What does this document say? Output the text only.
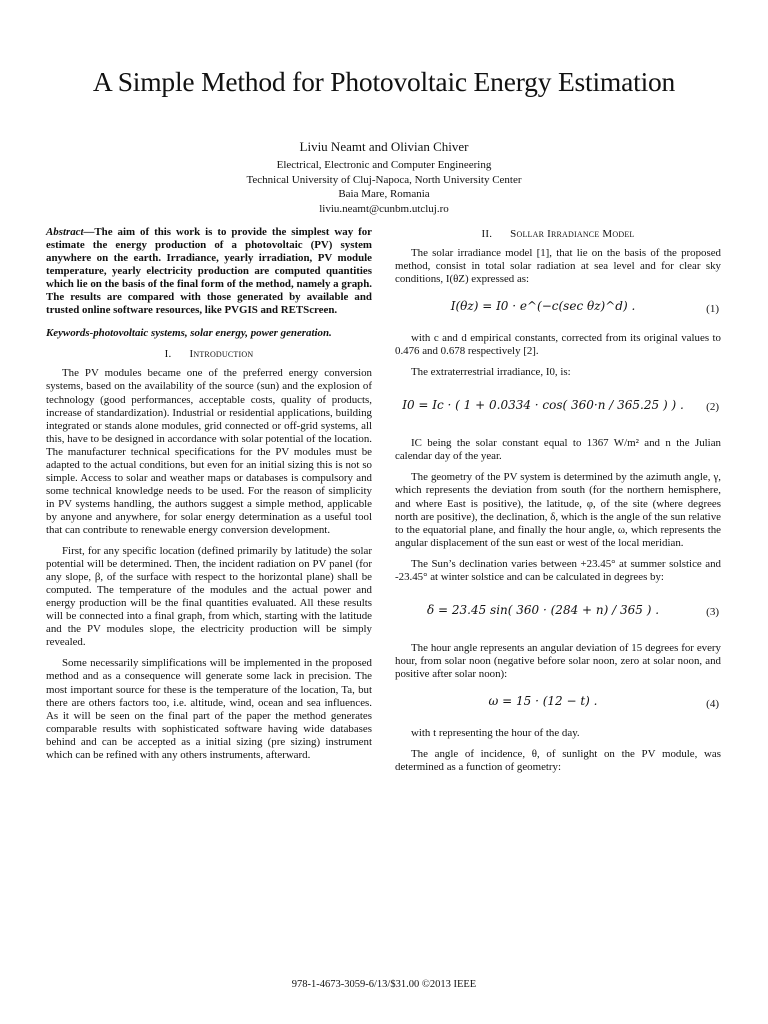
A Simple Method for Photovoltaic Energy Estimation
Liviu Neamt and Olivian Chiver
Electrical, Electronic and Computer Engineering
Technical University of Cluj-Napoca, North University Center
Baia Mare, Romania
liviu.neamt@cunbm.utcluj.ro

Abstract—The aim of this work is to provide the simplest way for estimate the energy production of a photovoltaic (PV) system anywhere on the earth. Irradiance, yearly irradiation, PV module temperature, yearly electricity production are computed quantities which lie on the basis of the final form of the method, namely a graph. The results are compared with those generated by available and trusted online software resources, like PVGIS and RETScreen.

Keywords-photovoltaic systems, solar energy, power generation.

I. Introduction

The PV modules became one of the preferred energy conversion systems, based on the availability of the source (sun) and the explosion of technology (good performances, acceptable costs, quality of products, increase of standardization). Industrial or residential applications, building integrated or stands alone modules, grid connected or off-grid systems, all this, have to be designed in accordance with solar potential of the location. The manufacturer technical specifications for the PV modules must be adapted to the actual conditions, but even for an initial sizing this is not so simple. Access to solar and weather maps or databases is compulsory and some technical knowledge needs to be used. For the reason of simplicity in PV systems handling, the authors suggest a simple method, applicable by anyone and anywhere, for solar energy determination as a useful tool that can contribute to renewable energy conversion development.

First, for any specific location (defined primarily by latitude) the solar potential will be determined. Then, the incident radiation on PV panel (for any slope, β, of the surface with respect to the horizontal plane) shall be computed. The temperature of the modules and the actual power and energy production will be the final quantities evaluated. All these results will be connected into a final graph, from which, starting with the latitude and the PV modules slope, the electricity production will be simply revealed.

Some necessarily simplifications will be implemented in the proposed method and as a consequence will generate some lack in precision. The most important source for these is the temperature of the location, Ta, but there are others factors too, i.e. altitude, wind, ocean and sea influences. As it will be seen on the final part of the paper the method generates comparable results with sophisticated software having wide databases behind and can be accepted as a initial sizing (pre sizing) instrument which can be refined with any others instruments, afterward.

II. Sollar Irradiance Model

The solar irradiance model [1], that lie on the basis of the proposed method, consist in total solar radiation at sea level and for clear sky conditions, I(θZ) expressed as:

I(θz) = I0 · e^(−c(sec θz)^d) .	(1)

with c and d empirical constants, corrected from its original values to 0.476 and 0.678 respectively [2].

The extraterrestrial irradiance, I0, is:

I0 = Ic · ( 1 + 0.0334 · cos( 360·n / 365.25 ) ) .	(2)

IC being the solar constant equal to 1367 W/m² and n the Julian calendar day of the year.

The geometry of the PV system is determined by the azimuth angle, γ, which represents the deviation from south (for the northern hemisphere, and where East is positive), the latitude, φ, of the site (where degrees north are positive), the declination, δ, which is the angle of the sun relative to the equatorial plane, and finally the hour angle, ω, which represents the angular displacement of the sun east or west of the local meridian.

The Sun’s declination varies between +23.45° at summer solstice and -23.45° at winter solstice and can be calculated in degrees by:

δ = 23.45 sin( 360 · (284 + n) / 365 ) .	(3)

The hour angle represents an angular deviation of 15 degrees for every hour, from solar noon (negative before solar noon, zero at solar noon, and positive after solar noon):

ω = 15 · (12 − t) .	(4)

with t representing the hour of the day.

The angle of incidence, θ, of sunlight on the PV module, was determined as a function of geometry:

978-1-4673-3059-6/13/$31.00 ©2013 IEEE
